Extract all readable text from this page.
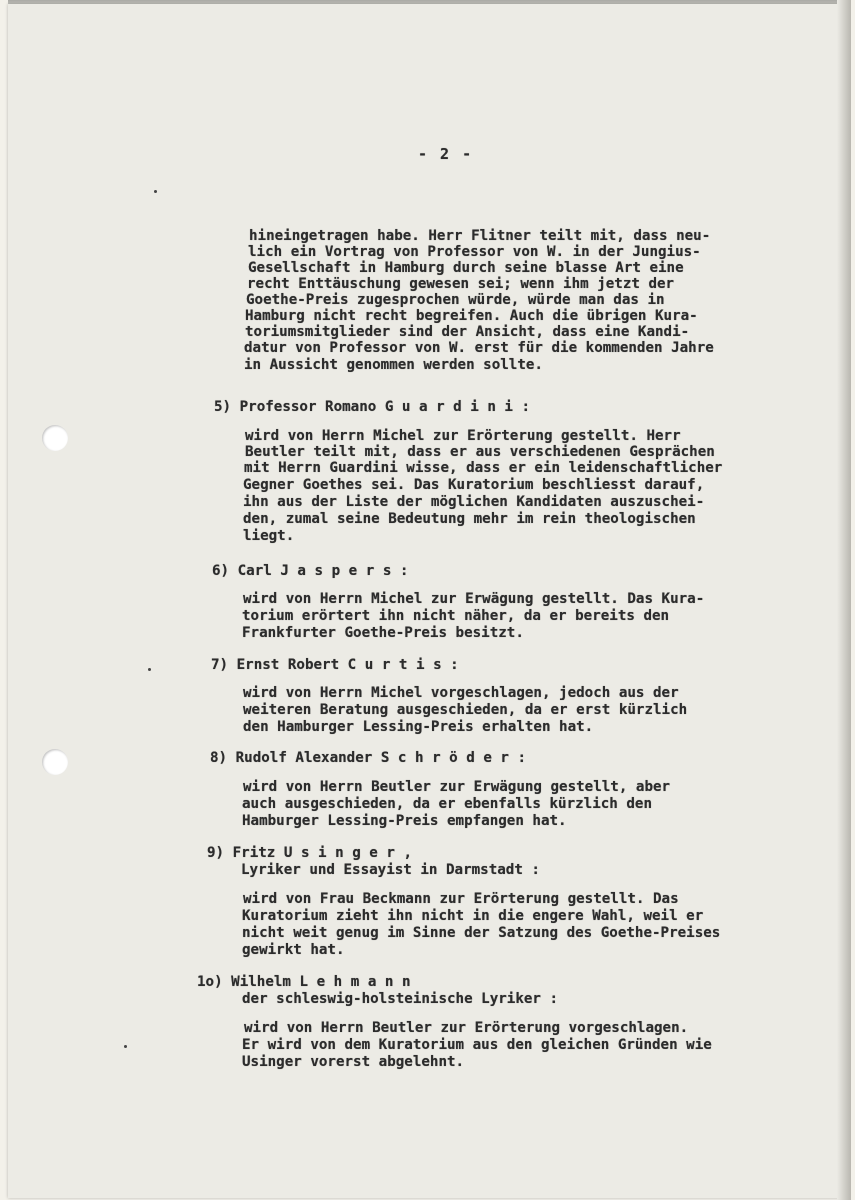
- 2 -
hineingetragen habe. Herr Flitner teilt mit, dass neu-
lich ein Vortrag von Professor von W. in der Jungius-
Gesellschaft in Hamburg durch seine blasse Art eine
recht Enttäuschung gewesen sei; wenn ihm jetzt der
Goethe-Preis zugesprochen würde, würde man das in
Hamburg nicht recht begreifen. Auch die übrigen Kura-
toriumsmitglieder sind der Ansicht, dass eine Kandi-
datur von Professor von W. erst für die kommenden Jahre
in Aussicht genommen werden sollte.
5) Professor Romano G u a r d i n i :
wird von Herrn Michel zur Erörterung gestellt. Herr
Beutler teilt mit, dass er aus verschiedenen Gesprächen
mit Herrn Guardini wisse, dass er ein leidenschaftlicher
Gegner Goethes sei. Das Kuratorium beschliesst darauf,
ihn aus der Liste der möglichen Kandidaten auszuschei-
den, zumal seine Bedeutung mehr im rein theologischen
liegt.
6) Carl J a s p e r s :
wird von Herrn Michel zur Erwägung gestellt. Das Kura-
torium erörtert ihn nicht näher, da er bereits den
Frankfurter Goethe-Preis besitzt.
7) Ernst Robert C u r t i s :
wird von Herrn Michel vorgeschlagen, jedoch aus der
weiteren Beratung ausgeschieden, da er erst kürzlich
den Hamburger Lessing-Preis erhalten hat.
8) Rudolf Alexander S c h r ö d e r :
wird von Herrn Beutler zur Erwägung gestellt, aber
auch ausgeschieden, da er ebenfalls kürzlich den
Hamburger Lessing-Preis empfangen hat.
9) Fritz U s i n g e r ,
Lyriker und Essayist in Darmstadt :
wird von Frau Beckmann zur Erörterung gestellt. Das
Kuratorium zieht ihn nicht in die engere Wahl, weil er
nicht weit genug im Sinne der Satzung des Goethe-Preises
gewirkt hat.
1o) Wilhelm L e h m a n n
der schleswig-holsteinische Lyriker :
wird von Herrn Beutler zur Erörterung vorgeschlagen.
Er wird von dem Kuratorium aus den gleichen Gründen wie
Usinger vorerst abgelehnt.
